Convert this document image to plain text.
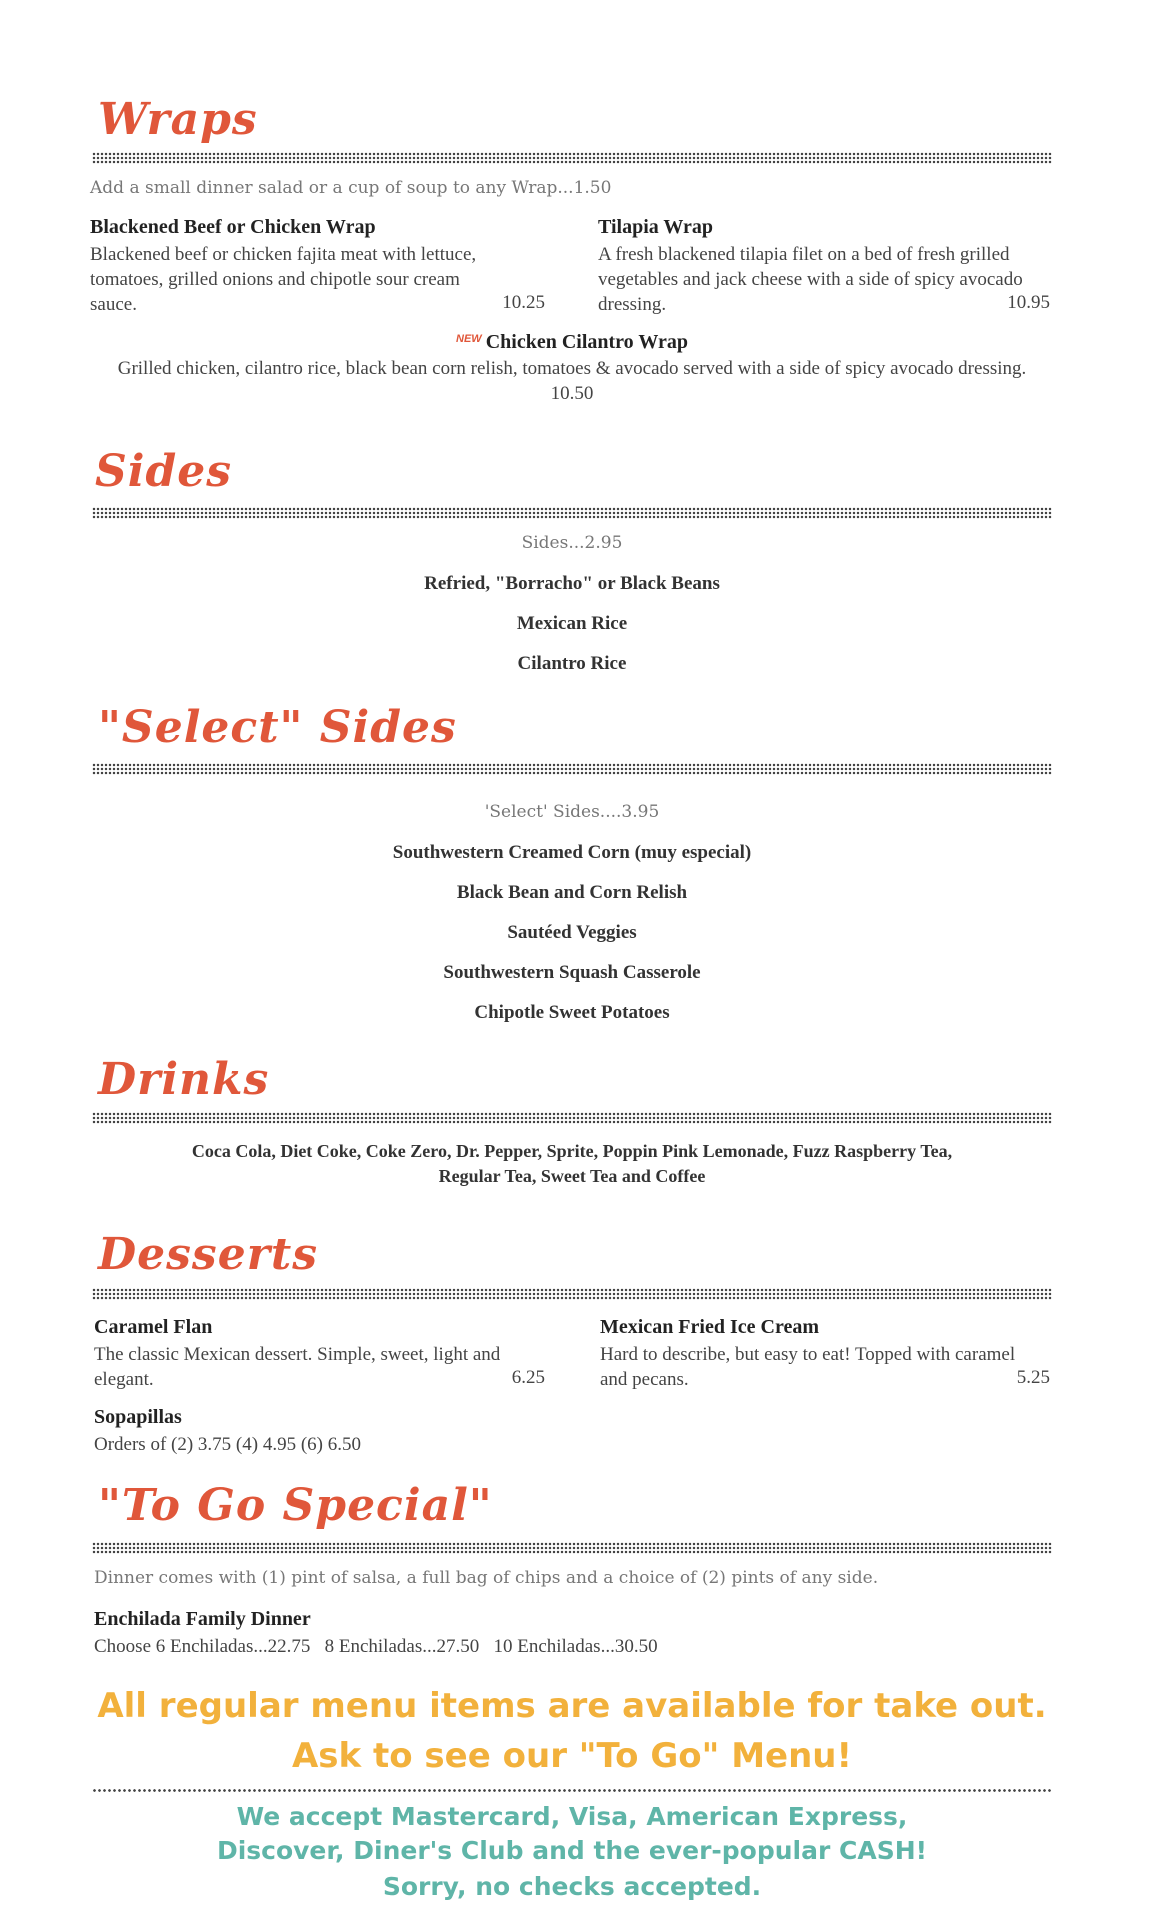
Wraps
Add a small dinner salad or a cup of soup to any Wrap...1.50
Blackened Beef or Chicken Wrap
Blackened beef or chicken fajita meat with lettuce, tomatoes, grilled onions and chipotle sour cream sauce.	10.25
Tilapia Wrap
A fresh blackened tilapia filet on a bed of fresh grilled vegetables and jack cheese with a side of spicy avocado dressing.	10.95
$^{NEW}$ Chicken Cilantro Wrap
Grilled chicken, cilantro rice, black bean corn relish, tomatoes & avocado served with a side of spicy avocado dressing. 10.50
Sides
Sides...2.95
Refried, "Borracho" or Black Beans
Mexican Rice
Cilantro Rice
"Select" Sides
'Select' Sides....3.95
Southwestern Creamed Corn (muy especial)
Black Bean and Corn Relish
Sautéed Veggies
Southwestern Squash Casserole
Chipotle Sweet Potatoes
Drinks
Coca Cola, Diet Coke, Coke Zero, Dr. Pepper, Sprite, Poppin Pink Lemonade, Fuzz Raspberry Tea,
Regular Tea, Sweet Tea and Coffee
Desserts
Caramel Flan
The classic Mexican dessert. Simple, sweet, light and elegant.	6.25
Mexican Fried Ice Cream
Hard to describe, but easy to eat! Topped with caramel and pecans.	5.25
Sopapillas
Orders of (2) 3.75 (4) 4.95 (6) 6.50
"To Go Special"
Dinner comes with (1) pint of salsa, a full bag of chips and a choice of (2) pints of any side.
Enchilada Family Dinner
Choose 6 Enchiladas...22.75   8 Enchiladas...27.50   10 Enchiladas...30.50
All regular menu items are available for take out.
Ask to see our "To Go" Menu!
We accept Mastercard, Visa, American Express,
Discover, Diner's Club and the ever-popular CASH!
Sorry, no checks accepted.
